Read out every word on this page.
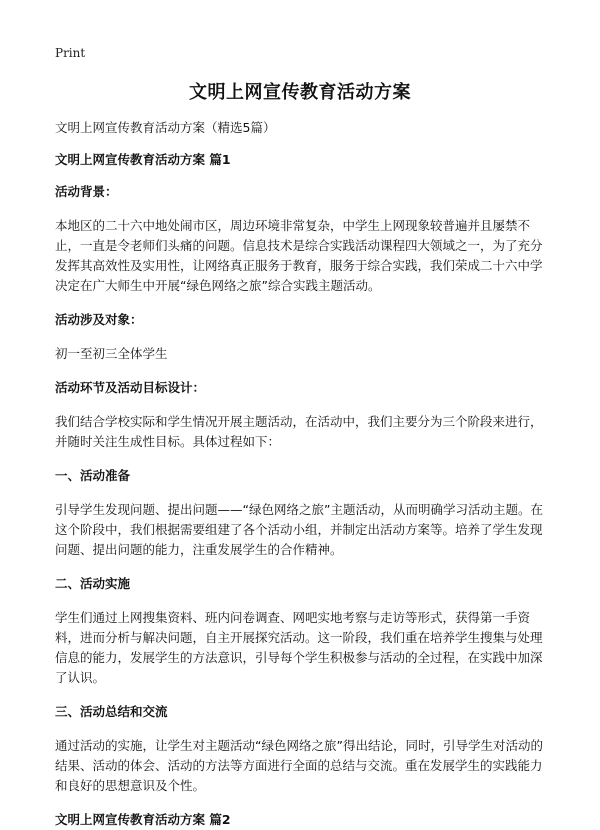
Print
文明上网宣传教育活动方案

文明上网宣传教育活动方案（精选5篇）

文明上网宣传教育活动方案 篇1

活动背景：

本地区的二十六中地处闹市区，周边环境非常复杂，中学生上网现象较普遍并且屡禁不止，一直是令老师们头痛的问题。信息技术是综合实践活动课程四大领域之一，为了充分发挥其高效性及实用性，让网络真正服务于教育，服务于综合实践，我们荣成二十六中学决定在广大师生中开展“绿色网络之旅”综合实践主题活动。

活动涉及对象：

初一至初三全体学生

活动环节及活动目标设计：

我们结合学校实际和学生情况开展主题活动，在活动中，我们主要分为三个阶段来进行，并随时关注生成性目标。具体过程如下：

一、活动准备

引导学生发现问题、提出问题——“绿色网络之旅”主题活动，从而明确学习活动主题。在这个阶段中，我们根据需要组建了各个活动小组，并制定出活动方案等。培养了学生发现问题、提出问题的能力，注重发展学生的合作精神。

二、活动实施

学生们通过上网搜集资料、班内问卷调查、网吧实地考察与走访等形式，获得第一手资料，进而分析与解决问题，自主开展探究活动。这一阶段，我们重在培养学生搜集与处理信息的能力，发展学生的方法意识，引导每个学生积极参与活动的全过程，在实践中加深了认识。

三、活动总结和交流

通过活动的实施，让学生对主题活动“绿色网络之旅”得出结论，同时，引导学生对活动的结果、活动的体会、活动的方法等方面进行全面的总结与交流。重在发展学生的实践能力和良好的思想意识及个性。

文明上网宣传教育活动方案 篇2
